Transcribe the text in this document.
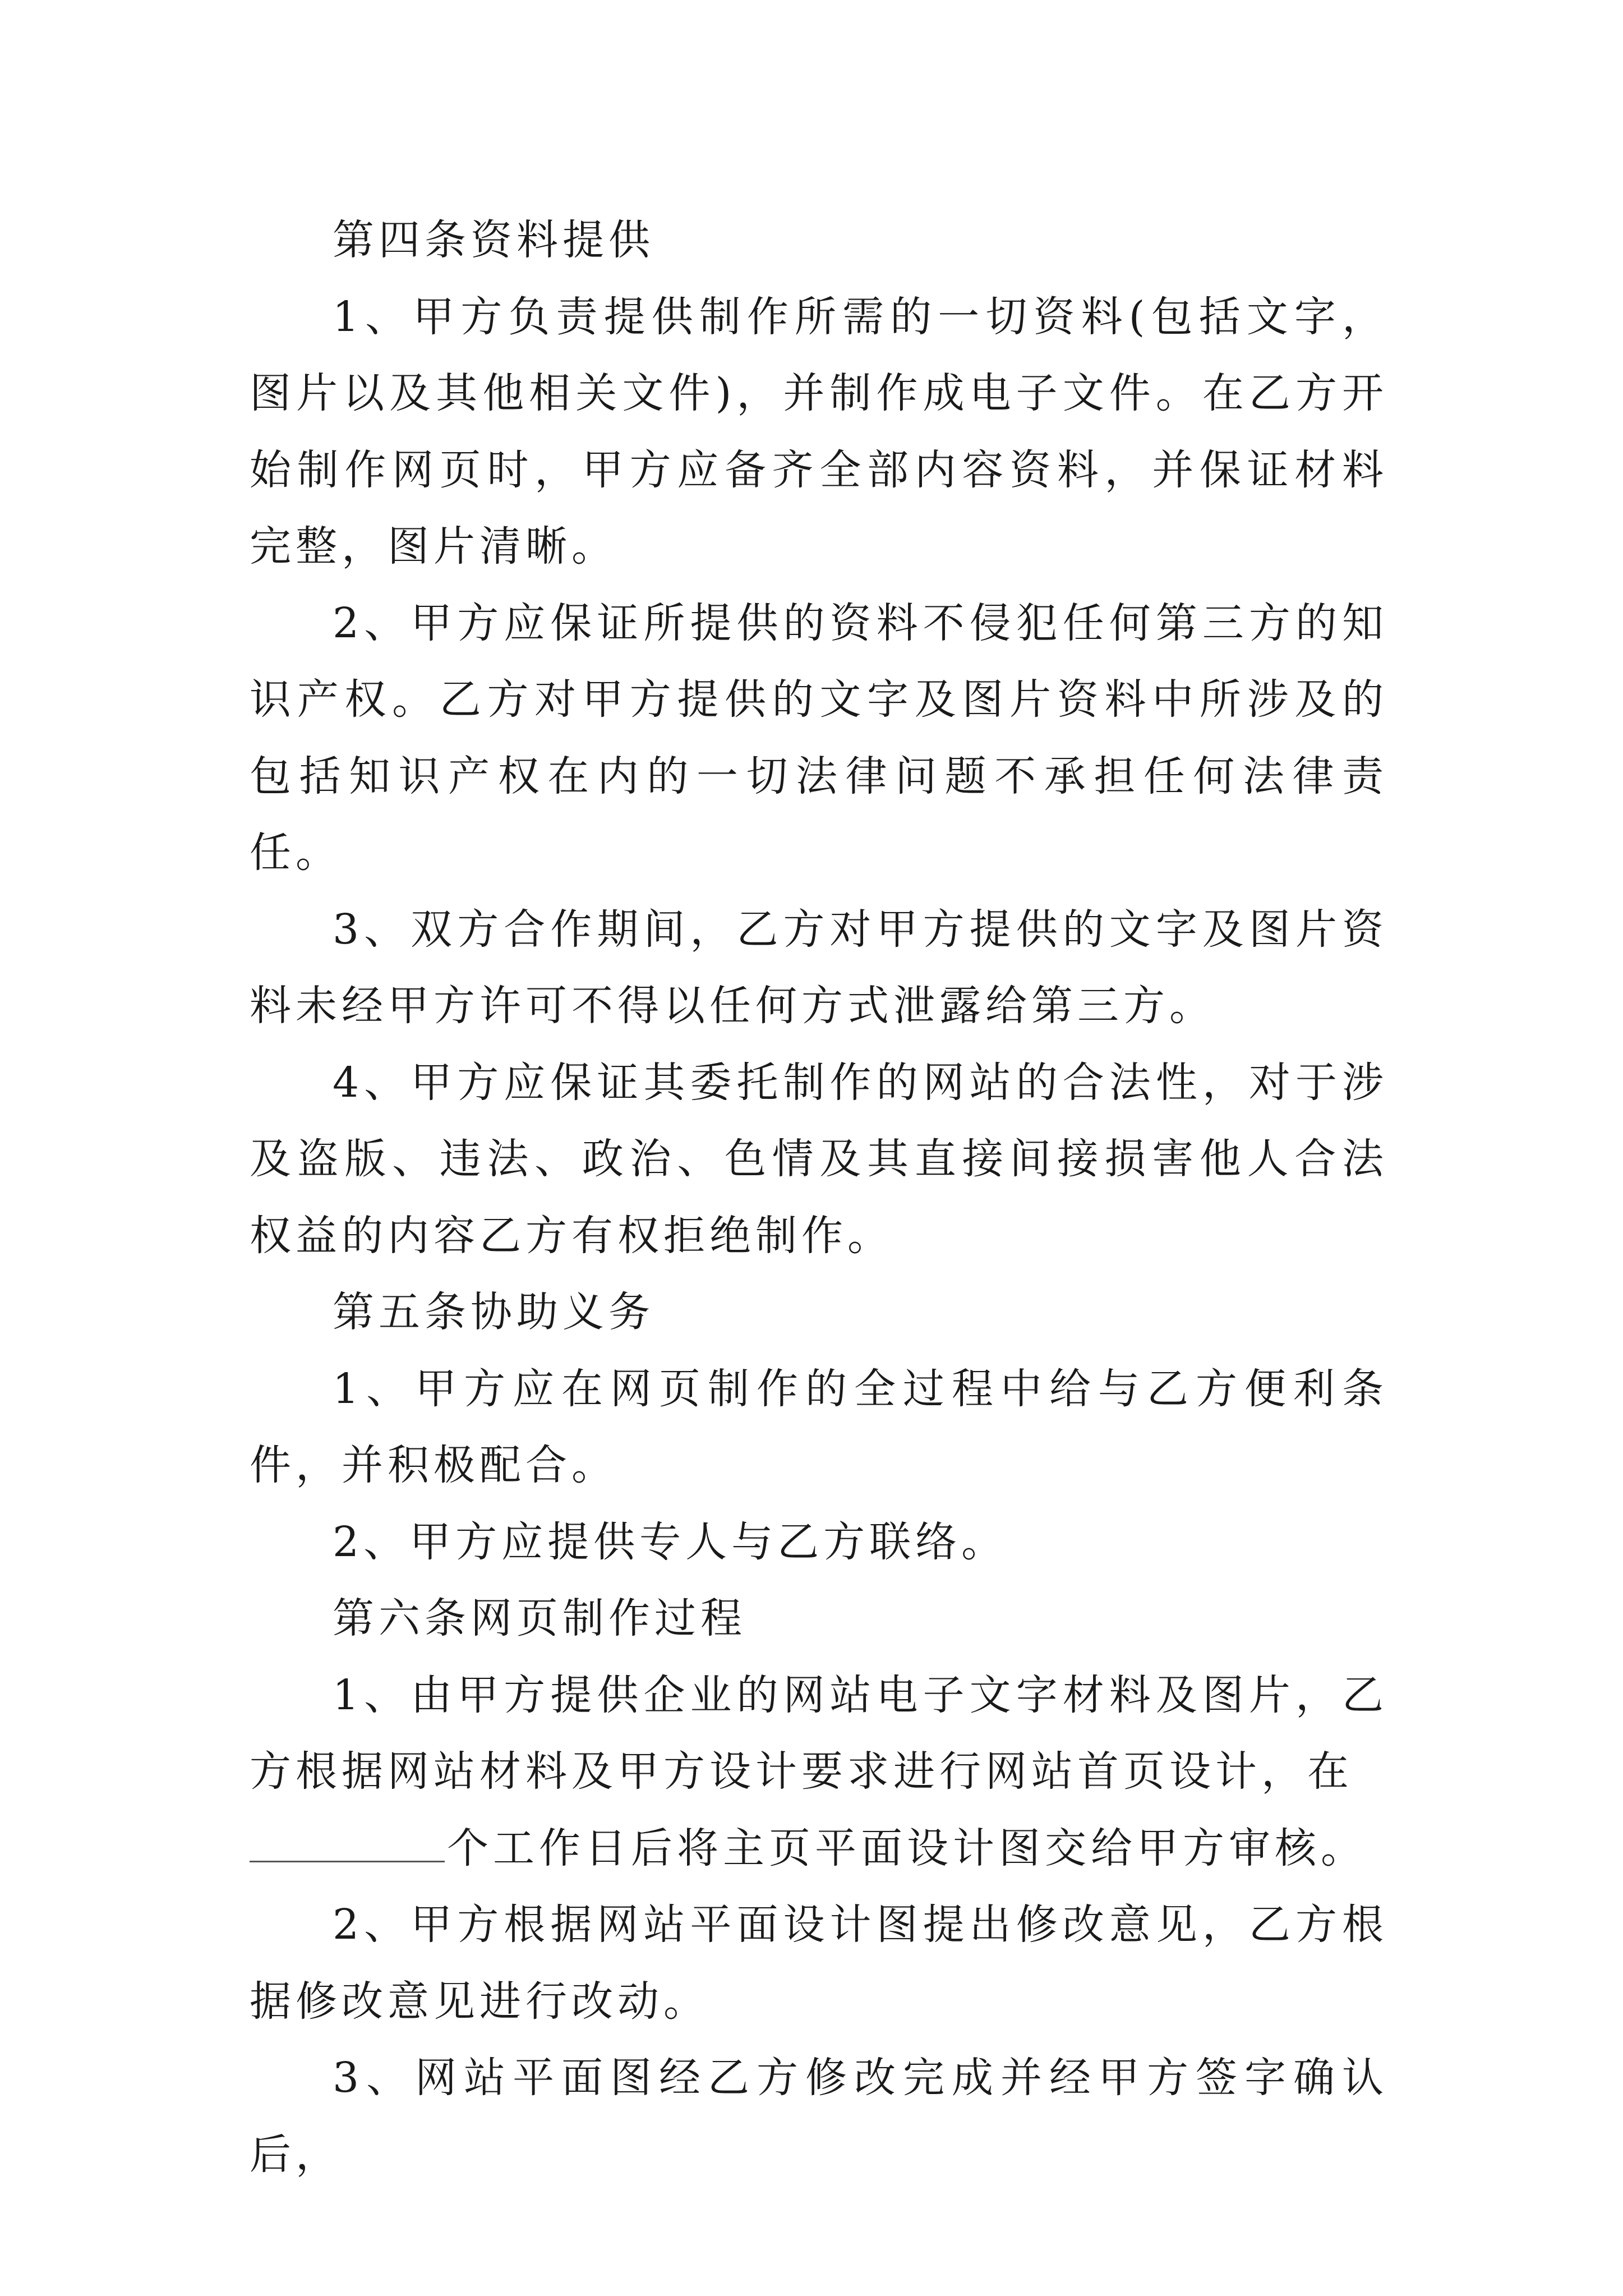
第四条资料提供

1、甲方负责提供制作所需的一切资料(包括文字，图片以及其他相关文件)，并制作成电子文件。在乙方开始制作网页时，甲方应备齐全部内容资料，并保证材料完整，图片清晰。

2、甲方应保证所提供的资料不侵犯任何第三方的知识产权。乙方对甲方提供的文字及图片资料中所涉及的包括知识产权在内的一切法律问题不承担任何法律责任。

3、双方合作期间，乙方对甲方提供的文字及图片资料未经甲方许可不得以任何方式泄露给第三方。

4、甲方应保证其委托制作的网站的合法性，对于涉及盗版、违法、政治、色情及其直接间接损害他人合法权益的内容乙方有权拒绝制作。

第五条协助义务

1、甲方应在网页制作的全过程中给与乙方便利条件，并积极配合。

2、甲方应提供专人与乙方联络。

第六条网页制作过程

1、由甲方提供企业的网站电子文字材料及图片，乙方根据网站材料及甲方设计要求进行网站首页设计，在
个工作日后将主页平面设计图交给甲方审核。

2、甲方根据网站平面设计图提出修改意见，乙方根据修改意见进行改动。

3、网站平面图经乙方修改完成并经甲方签字确认后，
